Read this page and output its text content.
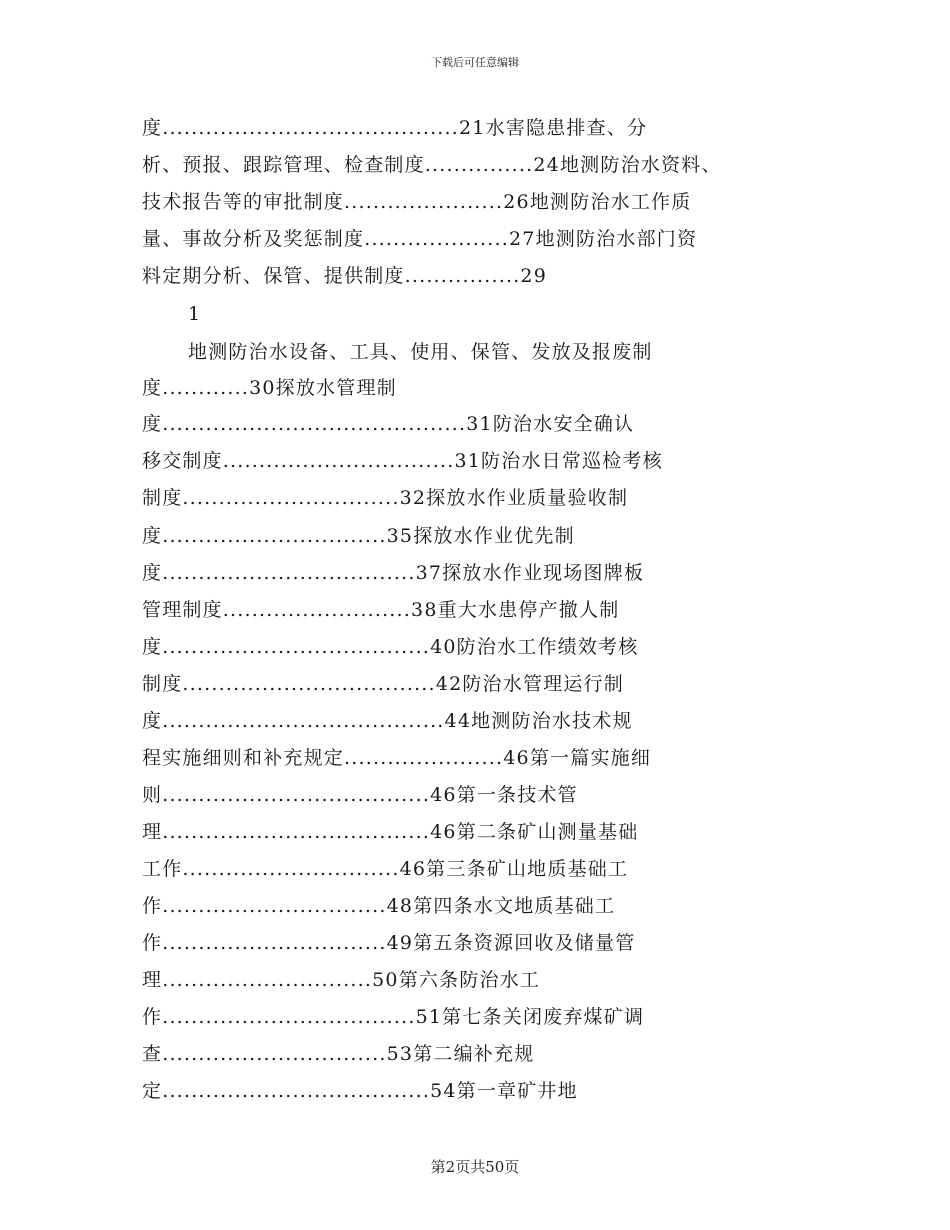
下载后可任意编辑
度.........................................21水害隐患排查、分
析、预报、跟踪管理、检查制度...............24地测防治水资料、
技术报告等的审批制度......................26地测防治水工作质
量、事故分析及奖惩制度....................27地测防治水部门资
料定期分析、保管、提供制度................29
1
地测防治水设备、工具、使用、保管、发放及报废制
度............30探放水管理制
度..........................................31防治水安全确认
移交制度................................31防治水日常巡检考核
制度..............................32探放水作业质量验收制
度...............................35探放水作业优先制
度...................................37探放水作业现场图牌板
管理制度..........................38重大水患停产撤人制
度.....................................40防治水工作绩效考核
制度...................................42防治水管理运行制
度.......................................44地测防治水技术规
程实施细则和补充规定......................46第一篇实施细
则.....................................46第一条技术管
理.....................................46第二条矿山测量基础
工作..............................46第三条矿山地质基础工
作...............................48第四条水文地质基础工
作...............................49第五条资源回收及储量管
理.............................50第六条防治水工
作...................................51第七条关闭废弃煤矿调
查...............................53第二编补充规
定.....................................54第一章矿井地
第2页共50页
